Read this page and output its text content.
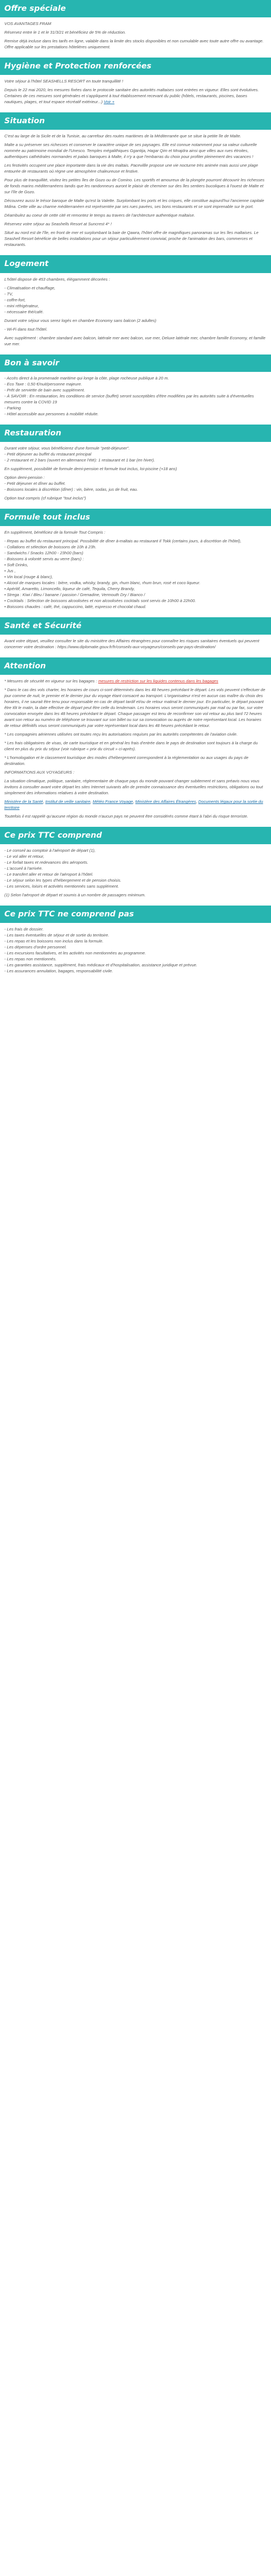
Offre spéciale

VOS AVANTAGES FRAM

Réservez entre le 1 et le 31/3/21 et bénéficiez de 5% de réduction.

Remise déjà incluse dans les tarifs en ligne, valable dans la limite des stocks disponibles et non cumulable avec toute autre offre ou avantage. Offre applicable sur les prestations hôtelières uniquement.

Hygiène et Protection renforcées

Votre séjour à l'hôtel SEASHELLS RESORT en toute tranquillité !

Depuis le 22 mai 2020, les mesures fixées dans le protocole sanitaire des autorités maltaises sont entrées en vigueur. Elles sont évolutives. Certaines de ces mesures sont générales et s'appliquent à tout établissement recevant du public (hôtels, restaurants, piscines, bases nautiques, plages, et tout espace récréatif extérieur...) Voir +

Situation

C'est au large de la Sicile et de la Tunisie, au carrefour des routes maritimes de la Méditerranée que se situe la petite île de Malte.

Malte a su préserver ses richesses et conserver le caractère unique de ses paysages. Elle est connue notamment pour sa valeur culturelle nommée au patrimoine mondial de l'Unesco. Temples mégalithiques Ggantija, Hagar Qim et Mnajdra ainsi que villes aux rues étroites, authentiques cathédrales normandes et palais baroques à Malte, il n'y a que l'embarras du choix pour profiter pleinement des vacances !

Les festivités occupent une place importante dans la vie des maltais. Pacevillle propose une vie nocturne très animée mais aussi une plage entourée de restaurants où règne une atmosphère chaleureuse et festive.

Pour plus de tranquillité, visitez les petites îles de Gozo ou de Comino. Les sportifs et amoureux de la plongée pourront découvrir les richesses de fonds marins méditerranéens tandis que les randonneurs auront le plaisir de cheminer sur des îles sentiers bucoliques à l'ouest de Malte et sur l'île de Gozo.

Découvrez aussi le trésor baroque de Malte qu'est la Valette. Surplombant les ports et les criques, elle constitue aujourd'hui l'ancienne capitale Mdina. Cette ville au charme méditerranéen est représentée par ses rues pavées, ses bons restaurants et se sont imprenable sur le port.

Déambulez au coeur de cette cité et remontez le temps au travers de l'architecture authentique maltaise.

Réservez votre séjour au Seashells Resort at Suncrest 4* !

Situé au nord est de l'île, en front de mer et surplombant la baie de Qawra, l'hôtel offre de magnifiques panoramas sur les îles maltaises. Le Seashell Resort bénéficie de belles installations pour un séjour particulièrement convivial, proche de l'animation des bars, commerces et restaurants.

Logement

L'hôtel dispose de 453 chambres, élégamment décorées :

- Climatisation et chauffage,
- TV,
- coffre-fort,
- mini réfrigérateur,
- nécessaire thé/café.

Durant votre séjour vous serez logés en chambre Economy sans balcon (2 adultes)

- Wi-Fi dans tout l'hôtel.

Avec supplément : chambre standard avec balcon, latérale mer avec balcon, vue mer, Deluxe latérale mer, chambre famille Economy, et famille vue mer.

Bon à savoir
- Accès direct à la promenade maritime qui longe la côte, plage rocheuse publique à 20 m.
- Eco Taxe : 0,50 €/nuit/personne majeure.
- Prêt de serviette de bain avec supplément.
- À SAVOIR : En restauration, les conditions de service (buffet) seront susceptibles d'être modifiées par les autorités suite à d'éventuelles mesures contre la COVID 19
- Parking
- Hôtel accessible aux personnes à mobilité réduite.
Restauration

Durant votre séjour, vous bénéficierez d'une formule "petit-déjeuner".
- Petit déjeuner au buffet du restaurant principal
- 2 restaurant et 2 bars (ouvert en alternance l'été): 1 restaurant et 1 bar (en hiver).

En supplément, possibilité de formule demi-pension et formule tout inclus, loi-piscine (+18 ans)

Option demi-pension :
- Petit déjeuner et dîner au buffet.
- Boissons locales à discrétion (dîner) : vin, bière, sodas, jus de fruit, eau.

Option tout compris (cf rubrique "tout inclus")

Formule tout inclus

En supplément, bénéficiez de la formule Tout Compris :

- Repas au buffet du restaurant principal. Possibilité de dîner à-maltais au restaurant Il Tokk (certains jours, à discrétion de l'hôtel),
- Collations et sélection de boissons de 10h à 23h.
- Sandwichs / Snacks 12h00 - 23h00 (bars)
- Boissons à volonté servis au verre (bars) :
• Soft Drinks,
• Jus ,
• Vin local (rouge & blanc),
• Alcool de marques locales : bière, vodka, whisky, brandy, gin, rhum blanc, rhum brun, rosé et coco liqueur.
• Apéritif, Amaretto, Limoncello, liqueur de café, Tequila, Cherry Brandy,
• Strega : Kiwi / Bleu / banane / passion / Grenadine, Vermouth Dry / Bianco /
• Cocktails : Sélection de boissons alcoolisées et non alcoolisées cocktails sont servis de 10h00 à 22h00.
• Boissons chaudes : café, thé, cappuccino, lattè, espresso et chocolat chaud.
Santé et Sécurité

Avant votre départ, veuillez consulter le site du ministère des Affaires étrangères pour connaître les risques sanitaires éventuels qui peuvent concerner votre destination : https://www.diplomatie.gouv.fr/fr/conseils-aux-voyageurs/conseils-par-pays-destination/

Attention

* Mesures de sécurité en vigueur sur les bagages : mesures de restriction sur les liquides contenus dans les bagages

* Dans le cas des vols charter, les horaires de cours ci-sont déterminés dans les 48 heures précédant le départ. Les vols peuvent s'effectuer de jour comme de nuit, le premier et le dernier jour du voyage étant consacré au transport. L'organisateur n'est en aucun cas maître du choix des horaires, il ne saurait être tenu pour responsable en cas de départ tardif et/ou de retour matinal le dernier jour. En particulier, le départ pouvant être tôt le matin, la date effective de départ peut être celle du lendemain. Les horaires vous seront communiqués par mail ou par fax, sur votre convocation envoyée dans les 48 heures précédant le départ. Chaque passager est tenu de reconfirmer son vol retour au plus tard 72 heures avant son retour au numéro de téléphone se trouvant sur son billet ou sur sa convocation ou auprès de notre représentant local. Les horaires de retour définitifs vous seront communiqués par votre représentant local dans les 48 heures précédant le retour.

* Les compagnies aériennes utilisées ont toutes reçu les autorisations requises par les autorités compétentes de l'aviation civile.

* Les frais obligatoires de visas, de carte touristique et en général les frais d'entrée dans le pays de destination sont toujours à la charge du client en plus du prix du séjour (voir rubrique « prix du circuit » ci-après).

* L'homologation et le classement touristique des modes d'hébergement correspondent à la réglementation ou aux usages du pays de destination.

INFORMATIONS AUX VOYAGEURS :

La situation climatique, politique, sanitaire, réglementaire de chaque pays du monde pouvant changer subitement et sans préavis nous vous invitons à consulter avant votre départ les sites Internet suivants afin de prendre connaissance des éventuelles restrictions, obligations ou tout simplement des informations relatives à votre destination.

Ministère de la Santé, Institut de veille sanitaire, Météo France Voyage, Ministère des Affaires Étrangères, Documents légaux pour la sortie du territoire

Toutefois il est rappelé qu'aucune région du monde n'aucun pays ne peuvent être considérés comme étant à l'abri du risque terroriste.

Ce prix TTC comprend
- Le conseil au comptoir à l'aéroport de départ (1),
- Le vol aller et retour,
- Le forfait taxes et redevances des aéroports.
- L'accueil à l'arrivée.
- Le transfert aller et retour de l'aéroport à l'hôtel.
- Le séjour selon les types d'hébergement et de pension choisis.
- Les services, loisirs et activités mentionnés sans supplément.

(1) Selon l'aéroport de départ et soumis à un nombre de passagers minimum.

Ce prix TTC ne comprend pas
- Les frais de dossier.
- Les taxes éventuelles de séjour et de sortie du territoire.
- Les repas et les boissons non inclus dans la formule.
- Les dépenses d'ordre personnel.
- Les excursions facultatives, et les activités non mentionnées au programme.
- Les repas non mentionnés.
- Les garanties assistance, supplément, frais médicaux et d'hospitalisation, assistance juridique et prévue.
- Les assurances annulation, bagages, responsabilité civile.
